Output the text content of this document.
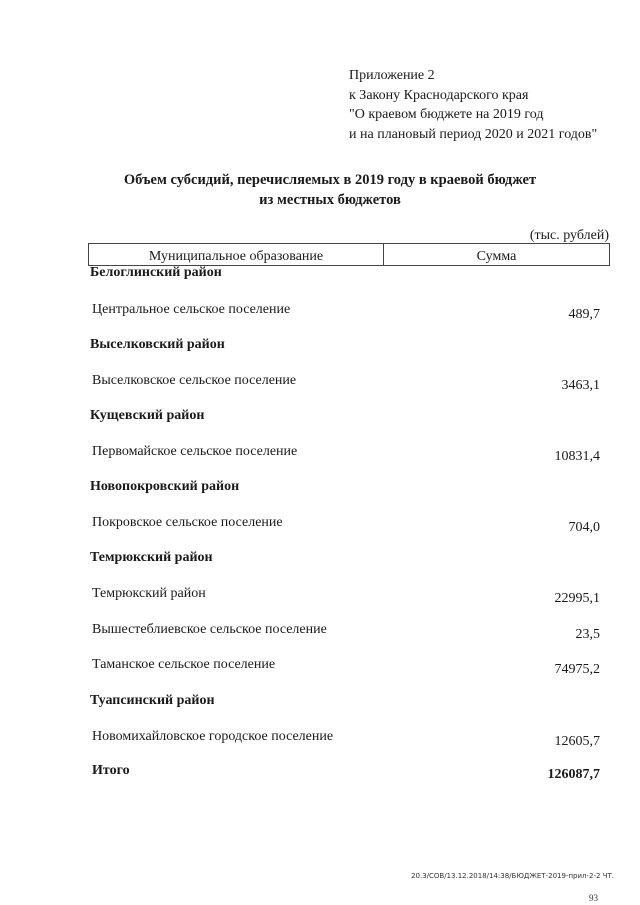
Приложение 2
к Закону Краснодарского края
"О краевом бюджете на 2019 год
и на плановый период 2020 и 2021 годов"
Объем субсидий, перечисляемых в 2019 году в краевой бюджет
из местных бюджетов
(тыс. рублей)
Муниципальное образование	Сумма
Белоглинский район
Центральное сельское поселение	489,7
Выселковский район
Выселковское сельское поселение	3463,1
Кущевский район
Первомайское сельское поселение	10831,4
Новопокровский район
Покровское сельское поселение	704,0
Темрюкский район
Темрюкский район	22995,1
Вышестеблиевское сельское поселение	23,5
Таманское сельское поселение	74975,2
Туапсинский район
Новомихайловское городское поселение	12605,7
Итого	126087,7
20.3/СОВ/13.12.2018/14:38/БЮДЖЕТ-2019-прил-2-2 ЧТ.
93
